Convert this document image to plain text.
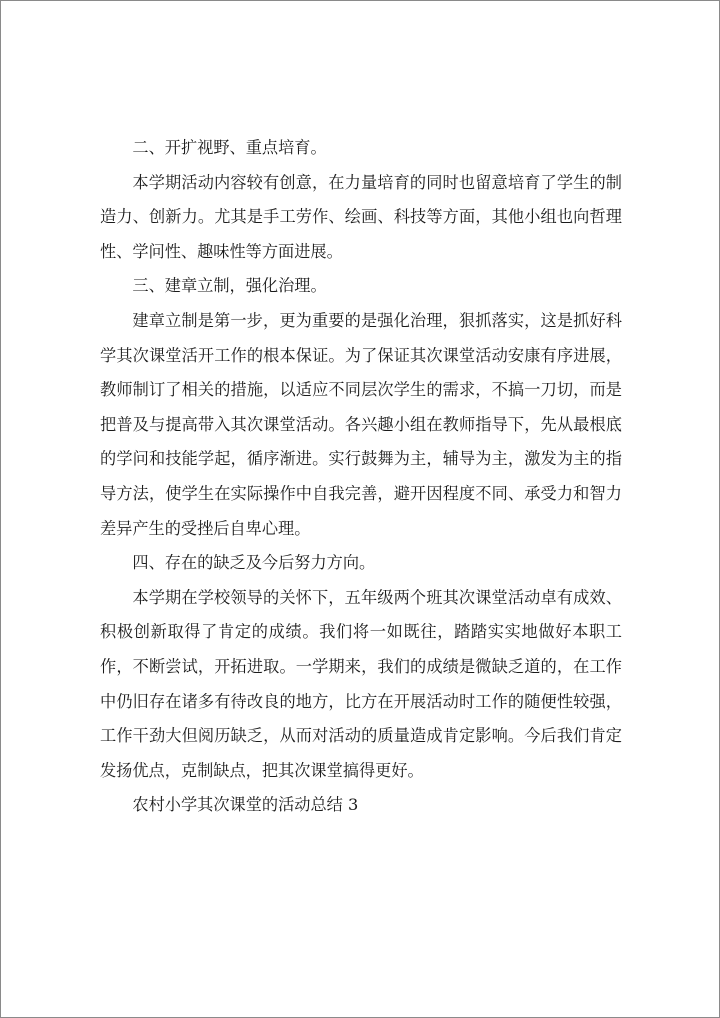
二、开扩视野、重点培育。

本学期活动内容较有创意，在力量培育的同时也留意培育了学生的制造力、创新力。尤其是手工劳作、绘画、科技等方面，其他小组也向哲理性、学问性、趣味性等方面进展。

三、建章立制，强化治理。

建章立制是第一步，更为重要的是强化治理，狠抓落实，这是抓好科学其次课堂活开工作的根本保证。为了保证其次课堂活动安康有序进展，教师制订了相关的措施，以适应不同层次学生的需求，不搞一刀切，而是把普及与提高带入其次课堂活动。各兴趣小组在教师指导下，先从最根底的学问和技能学起，循序渐进。实行鼓舞为主，辅导为主，激发为主的指导方法，使学生在实际操作中自我完善，避开因程度不同、承受力和智力差异产生的受挫后自卑心理。

四、存在的缺乏及今后努力方向。

本学期在学校领导的关怀下，五年级两个班其次课堂活动卓有成效、积极创新取得了肯定的成绩。我们将一如既往，踏踏实实地做好本职工作，不断尝试，开拓进取。一学期来，我们的成绩是微缺乏道的，在工作中仍旧存在诸多有待改良的地方，比方在开展活动时工作的随便性较强，工作干劲大但阅历缺乏，从而对活动的质量造成肯定影响。今后我们肯定发扬优点，克制缺点，把其次课堂搞得更好。

农村小学其次课堂的活动总结 3
